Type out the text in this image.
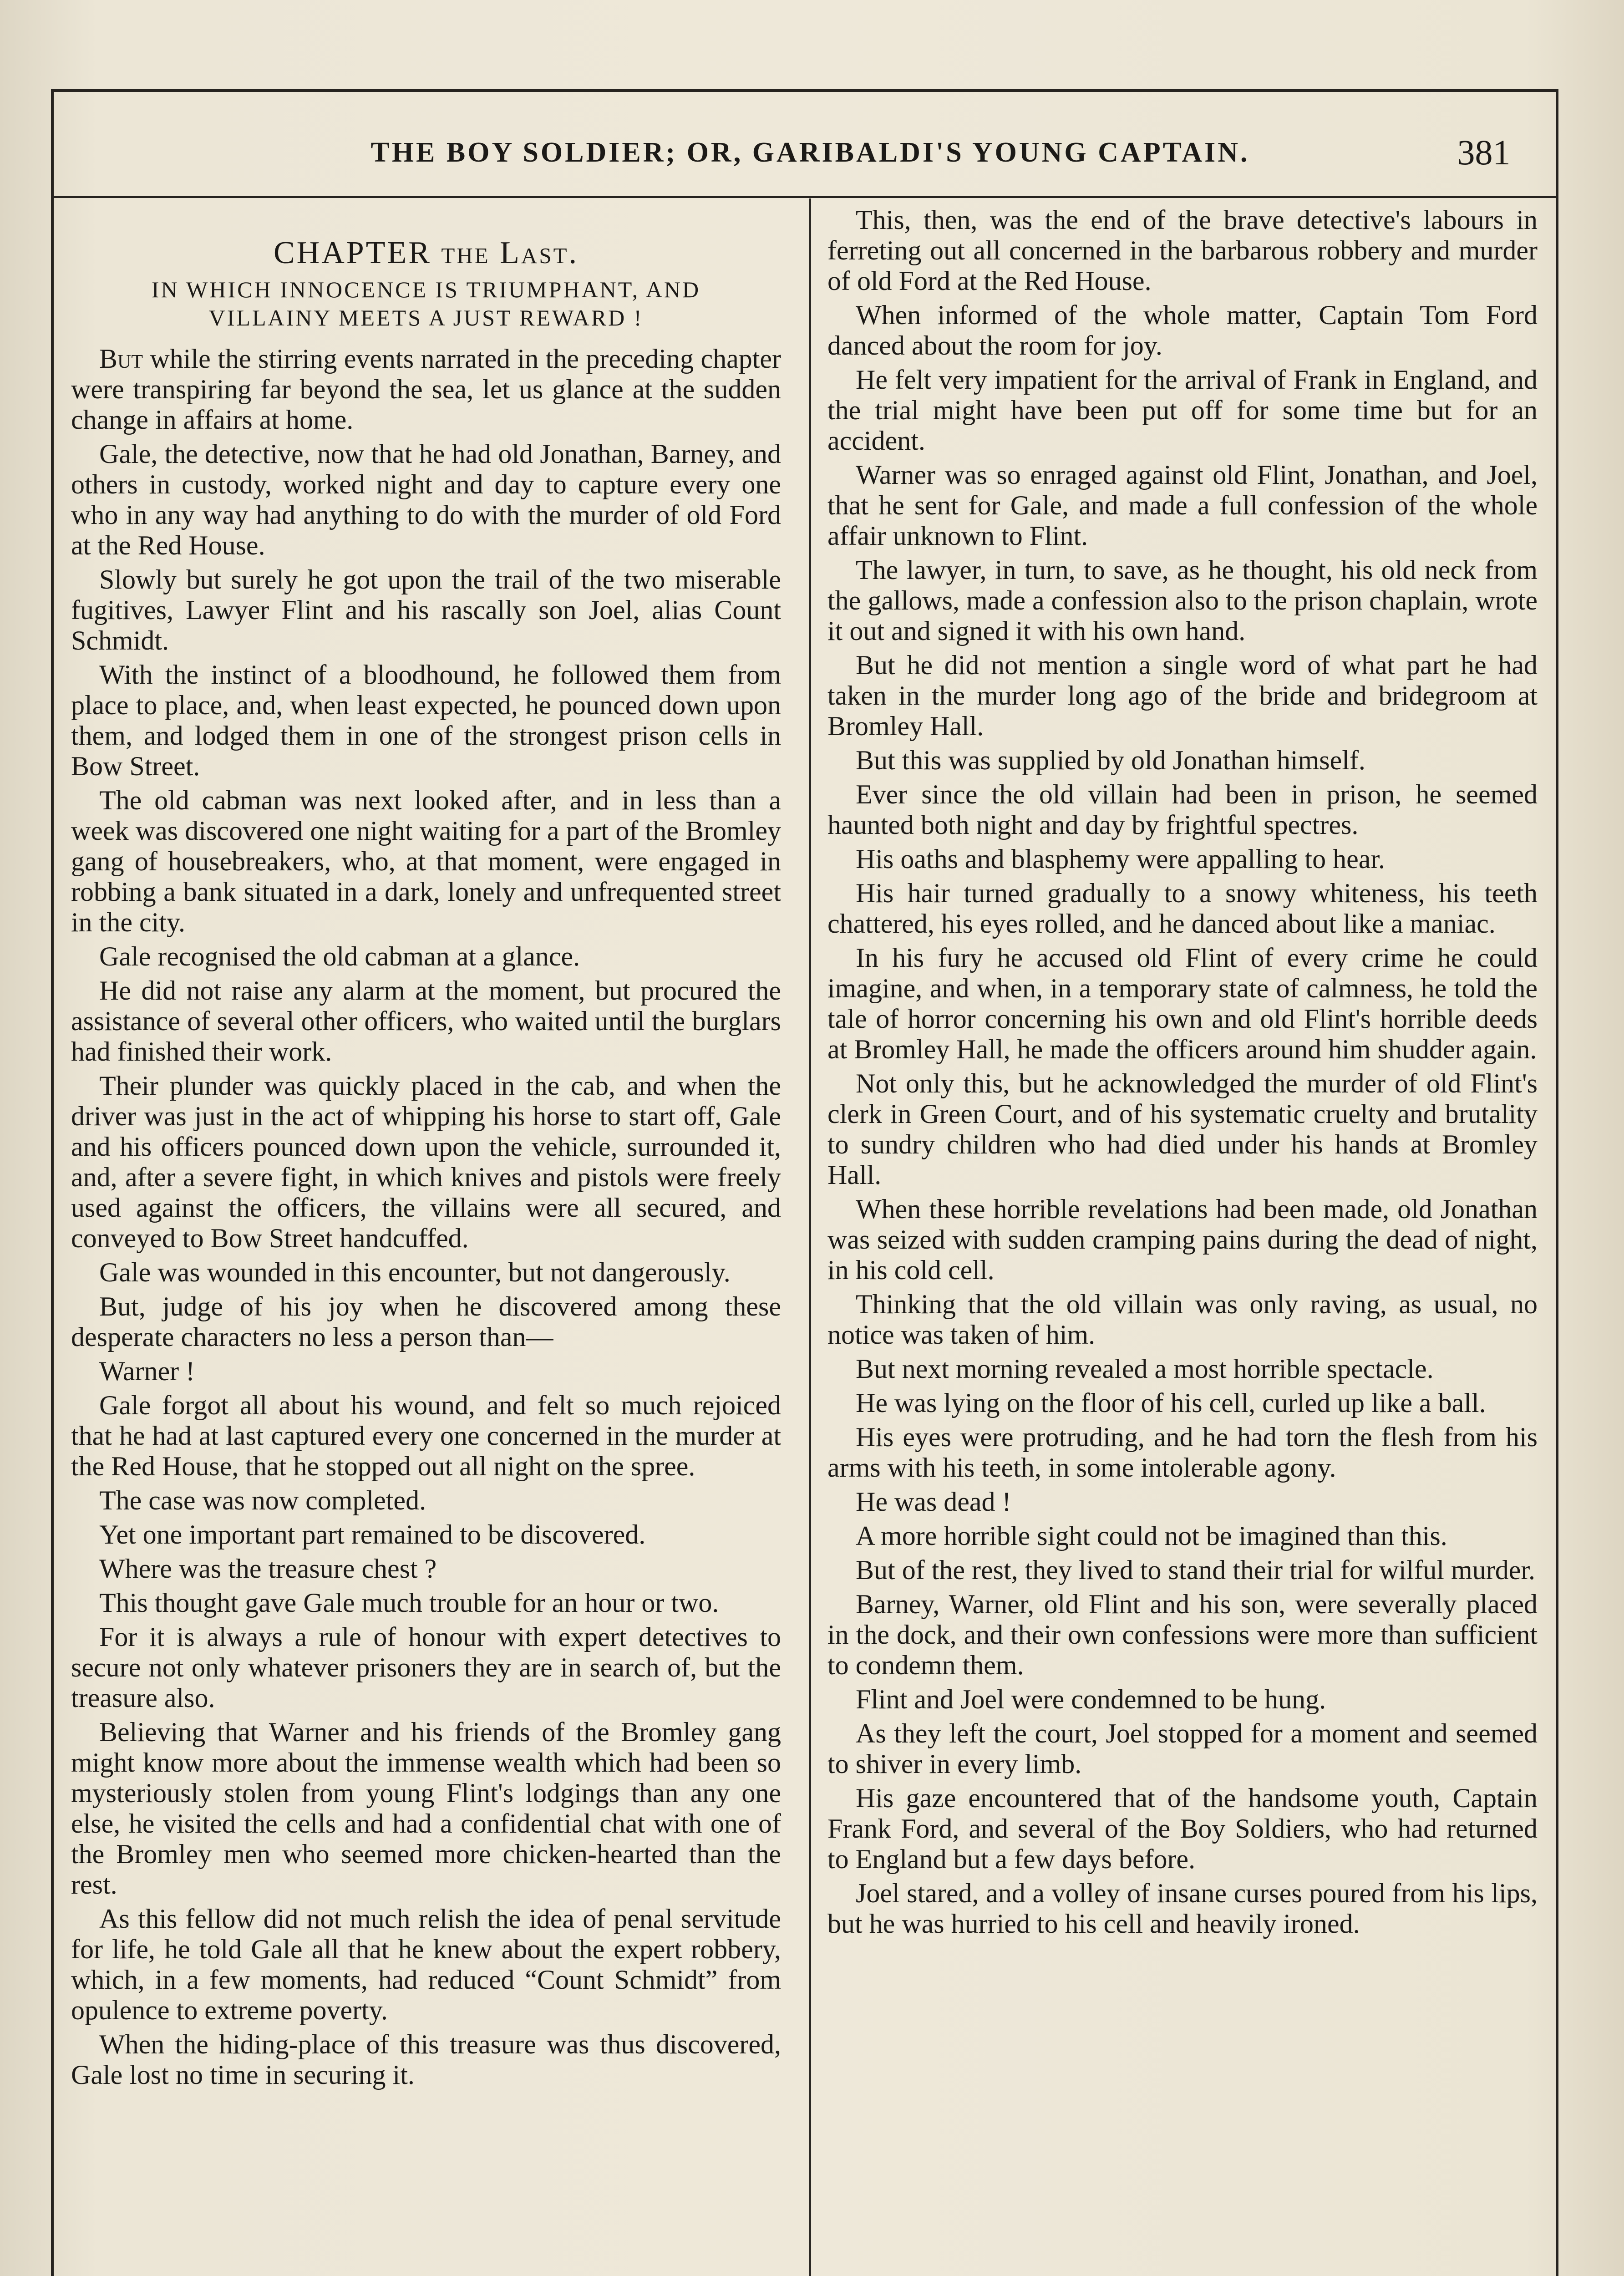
THE BOY SOLDIER; OR, GARIBALDI'S YOUNG CAPTAIN.	381
CHAPTER the Last.
IN WHICH INNOCENCE IS TRIUMPHANT, AND VILLAINY MEETS A JUST REWARD !

But while the stirring events narrated in the preceding chapter were transpiring far beyond the sea, let us glance at the sudden change in affairs at home.

Gale, the detective, now that he had old Jonathan, Barney, and others in custody, worked night and day to capture every one who in any way had anything to do with the murder of old Ford at the Red House.

Slowly but surely he got upon the trail of the two miserable fugitives, Lawyer Flint and his rascally son Joel, alias Count Schmidt.

With the instinct of a bloodhound, he followed them from place to place, and, when least expected, he pounced down upon them, and lodged them in one of the strongest prison cells in Bow Street.

The old cabman was next looked after, and in less than a week was discovered one night waiting for a part of the Bromley gang of housebreakers, who, at that moment, were engaged in robbing a bank situated in a dark, lonely and unfrequented street in the city.

Gale recognised the old cabman at a glance.

He did not raise any alarm at the moment, but procured the assistance of several other officers, who waited until the burglars had finished their work.

Their plunder was quickly placed in the cab, and when the driver was just in the act of whipping his horse to start off, Gale and his officers pounced down upon the vehicle, surrounded it, and, after a severe fight, in which knives and pistols were freely used against the officers, the villains were all secured, and conveyed to Bow Street handcuffed.

Gale was wounded in this encounter, but not dangerously.

But, judge of his joy when he discovered among these desperate characters no less a person than—

Warner !

Gale forgot all about his wound, and felt so much rejoiced that he had at last captured every one concerned in the murder at the Red House, that he stopped out all night on the spree.

The case was now completed.

Yet one important part remained to be discovered.

Where was the treasure chest ?

This thought gave Gale much trouble for an hour or two.

For it is always a rule of honour with expert detectives to secure not only whatever prisoners they are in search of, but the treasure also.

Believing that Warner and his friends of the Bromley gang might know more about the immense wealth which had been so mysteriously stolen from young Flint's lodgings than any one else, he visited the cells and had a confidential chat with one of the Bromley men who seemed more chicken-hearted than the rest.

As this fellow did not much relish the idea of penal servitude for life, he told Gale all that he knew about the expert robbery, which, in a few moments, had reduced “Count Schmidt” from opulence to extreme poverty.

When the hiding-place of this treasure was thus discovered, Gale lost no time in securing it.

This, then, was the end of the brave detective's labours in ferreting out all concerned in the barbarous robbery and murder of old Ford at the Red House.

When informed of the whole matter, Captain Tom Ford danced about the room for joy.

He felt very impatient for the arrival of Frank in England, and the trial might have been put off for some time but for an accident.

Warner was so enraged against old Flint, Jonathan, and Joel, that he sent for Gale, and made a full confession of the whole affair unknown to Flint.

The lawyer, in turn, to save, as he thought, his old neck from the gallows, made a confession also to the prison chaplain, wrote it out and signed it with his own hand.

But he did not mention a single word of what part he had taken in the murder long ago of the bride and bridegroom at Bromley Hall.

But this was supplied by old Jonathan himself.

Ever since the old villain had been in prison, he seemed haunted both night and day by frightful spectres.

His oaths and blasphemy were appalling to hear.

His hair turned gradually to a snowy whiteness, his teeth chattered, his eyes rolled, and he danced about like a maniac.

In his fury he accused old Flint of every crime he could imagine, and when, in a temporary state of calmness, he told the tale of horror concerning his own and old Flint's horrible deeds at Bromley Hall, he made the officers around him shudder again.

Not only this, but he acknowledged the murder of old Flint's clerk in Green Court, and of his systematic cruelty and brutality to sundry children who had died under his hands at Bromley Hall.

When these horrible revelations had been made, old Jonathan was seized with sudden cramping pains during the dead of night, in his cold cell.

Thinking that the old villain was only raving, as usual, no notice was taken of him.

But next morning revealed a most horrible spectacle.

He was lying on the floor of his cell, curled up like a ball.

His eyes were protruding, and he had torn the flesh from his arms with his teeth, in some intolerable agony.

He was dead !

A more horrible sight could not be imagined than this.

But of the rest, they lived to stand their trial for wilful murder.

Barney, Warner, old Flint and his son, were severally placed in the dock, and their own confessions were more than sufficient to condemn them.

Flint and Joel were condemned to be hung.

As they left the court, Joel stopped for a moment and seemed to shiver in every limb.

His gaze encountered that of the handsome youth, Captain Frank Ford, and several of the Boy Soldiers, who had returned to England but a few days before.

Joel stared, and a volley of insane curses poured from his lips, but he was hurried to his cell and heavily ironed.
